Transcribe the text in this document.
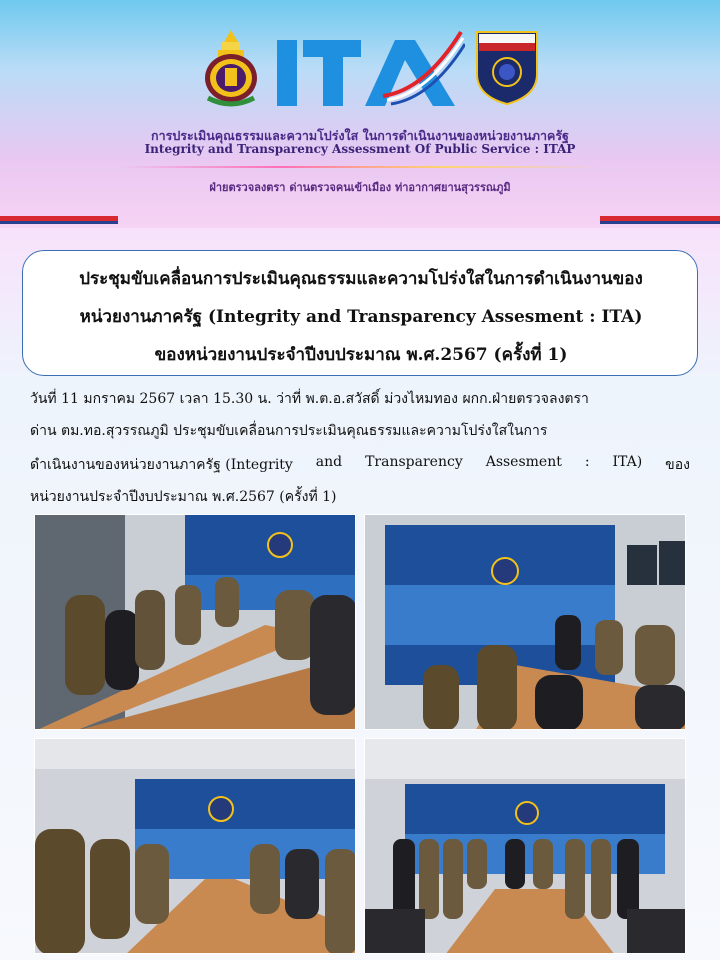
การประเมินคุณธรรมและความโปร่งใส ในการดำเนินงานของหน่วยงานภาครัฐ
Integrity and Transparency Assessment Of Public Service : ITAP
ฝ่ายตรวจลงตรา ด่านตรวจคนเข้าเมือง ท่าอากาศยานสุวรรณภูมิ
ประชุมขับเคลื่อนการประเมินคุณธรรมและความโปร่งใสในการดำเนินงานของ
หน่วยงานภาครัฐ (Integrity and Transparency Assesment : ITA)
ของหน่วยงานประจำปีงบประมาณ พ.ศ.2567 (ครั้งที่ 1)
วันที่ 11 มกราคม 2567 เวลา 15.30 น. ว่าที่ พ.ต.อ.สวัสดิ์ ม่วงไหมทอง ผกก.ฝ่ายตรวจลงตรา
ด่าน ตม.ทอ.สุวรรณภูมิ ประชุมขับเคลื่อนการประเมินคุณธรรมและความโปร่งใสในการ
ดำเนินงานของหน่วยงานภาครัฐ (Integrity and Transparency Assesment : ITA) ของ
หน่วยงานประจำปีงบประมาณ พ.ศ.2567 (ครั้งที่ 1)
